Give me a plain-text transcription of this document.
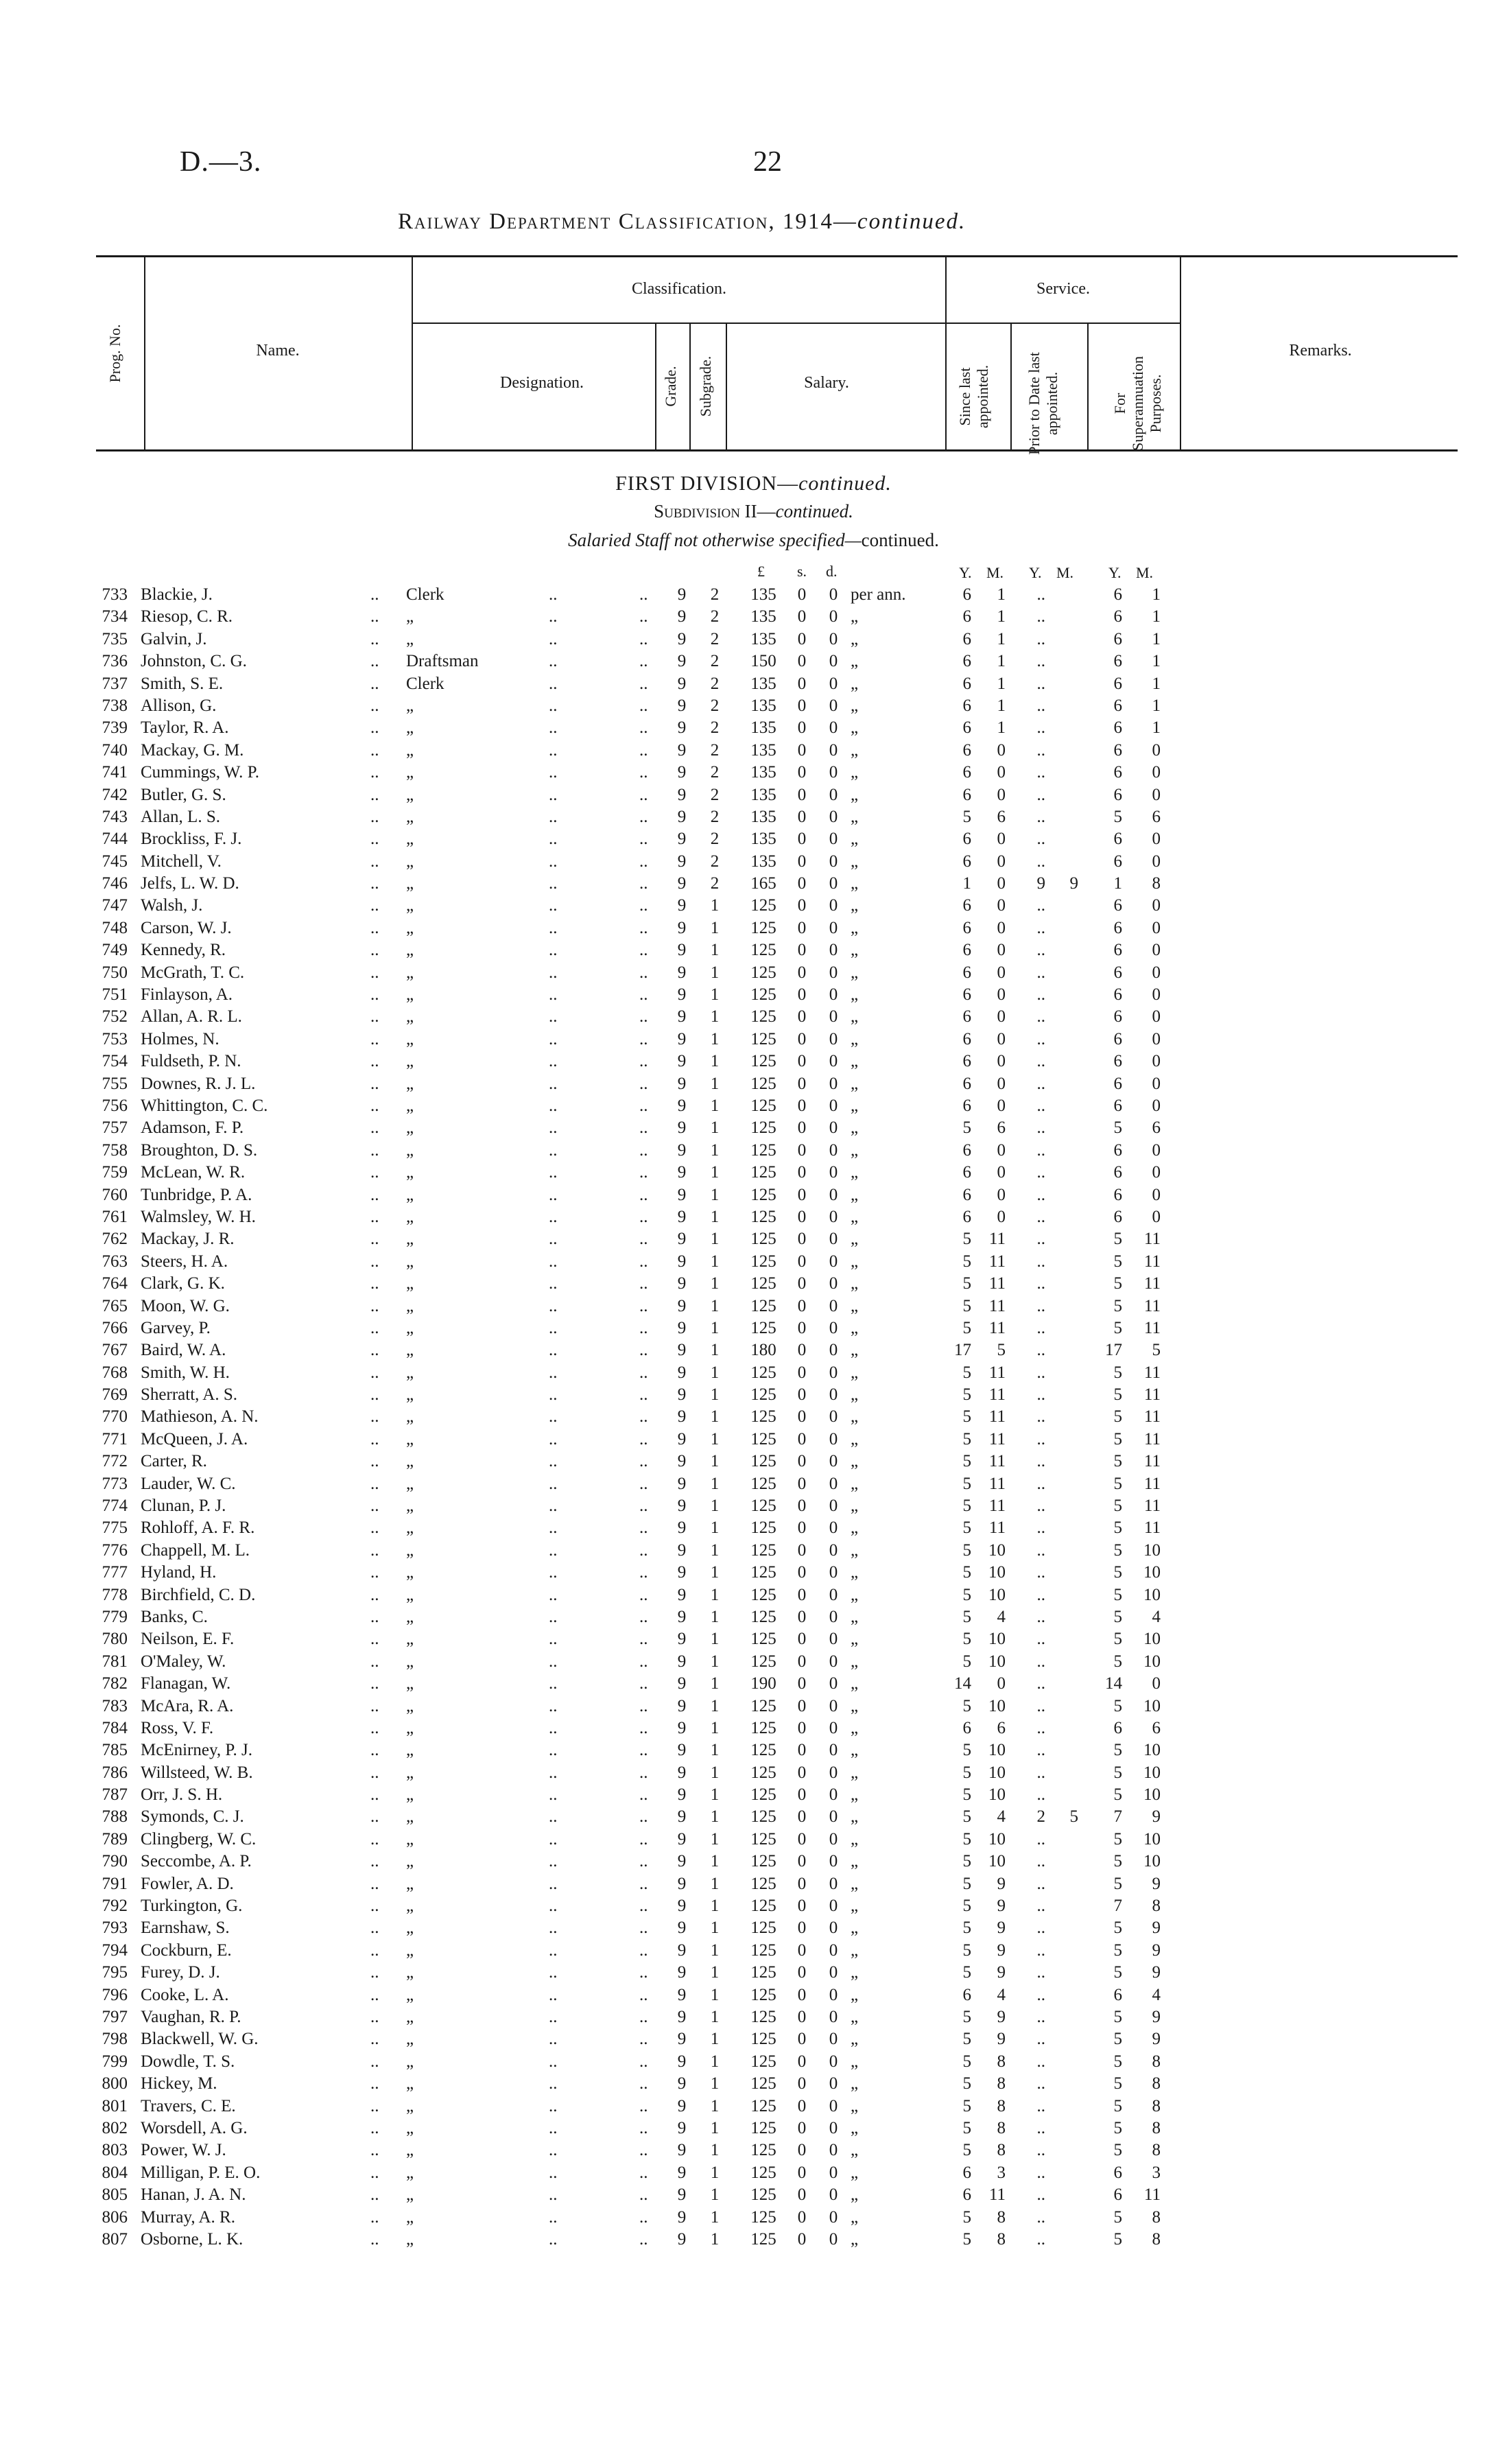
D.—3.	22
Railway Department Classification, 1914—continued.
Prog. No.	Name.
Classification.
Designation.	Grade. Subgrade.	Salary.
Service.
Since last appointed.	Prior to Date last appointed.	For Superannuation Purposes.
Remarks.
FIRST DIVISION—continued.
Subdivision II—continued.
Salaried Staff not otherwise specified—continued.
£ s. d.	Y. M. Y. M. Y. M.
733 Blackie, J.	.. Clerk	..	.. 9 2	135	0 0 per ann.	6	1	..	6	1
734 Riesop, C. R.	.. „	..	.. 9 2	135	0 0 „	6	1	..	6	1
735 Galvin, J.	.. „	..	.. 9 2	135	0 0 „	6	1	..	6	1
736 Johnston, C. G.	.. Draftsman	..	.. 9 2	150	0 0 „	6	1	..	6	1
737 Smith, S. E.	.. Clerk	..	.. 9 2	135	0 0 „	6	1	..	6	1
738 Allison, G.	.. „	..	.. 9 2	135	0 0 „	6	1	..	6	1
739 Taylor, R. A.	.. „	..	.. 9 2	135	0 0 „	6	1	..	6	1
740 Mackay, G. M.	.. „	..	.. 9 2	135	0 0 „	6	0	..	6	0
741 Cummings, W. P.	.. „	..	.. 9 2	135	0 0 „	6	0	..	6	0
742 Butler, G. S.	.. „	..	.. 9 2	135	0 0 „	6	0	..	6	0
743 Allan, L. S.	.. „	..	.. 9 2	135	0 0 „	5	6	..	5	6
744 Brockliss, F. J.	.. „	..	.. 9 2	135	0 0 „	6	0	..	6	0
745 Mitchell, V.	.. „	..	.. 9 2	135	0 0 „	6	0	..	6	0
746 Jelfs, L. W. D.	.. „	..	.. 9 2	165	0 0 „	1	0	9	9	1	8
747 Walsh, J.	.. „	..	.. 9 1	125	0 0 „	6	0	..	6	0
748 Carson, W. J.	.. „	..	.. 9 1	125	0 0 „	6	0	..	6	0
749 Kennedy, R.	.. „	..	.. 9 1	125	0 0 „	6	0	..	6	0
750 McGrath, T. C.	.. „	..	.. 9 1	125	0 0 „	6	0	..	6	0
751 Finlayson, A.	.. „	..	.. 9 1	125	0 0 „	6	0	..	6	0
752 Allan, A. R. L.	.. „	..	.. 9 1	125	0 0 „	6	0	..	6	0
753 Holmes, N.	.. „	..	.. 9 1	125	0 0 „	6	0	..	6	0
754 Fuldseth, P. N.	.. „	..	.. 9 1	125	0 0 „	6	0	..	6	0
755 Downes, R. J. L.	.. „	..	.. 9 1	125	0 0 „	6	0	..	6	0
756 Whittington, C. C.	.. „	..	.. 9 1	125	0 0 „	6	0	..	6	0
757 Adamson, F. P.	.. „	..	.. 9 1	125	0 0 „	5	6	..	5	6
758 Broughton, D. S.	.. „	..	.. 9 1	125	0 0 „	6	0	..	6	0
759 McLean, W. R.	.. „	..	.. 9 1	125	0 0 „	6	0	..	6	0
760 Tunbridge, P. A.	.. „	..	.. 9 1	125	0 0 „	6	0	..	6	0
761 Walmsley, W. H.	.. „	..	.. 9 1	125	0 0 „	6	0	..	6	0
762 Mackay, J. R.	.. „	..	.. 9 1	125	0 0 „	5	11	..	5	11
763 Steers, H. A.	.. „	..	.. 9 1	125	0 0 „	5	11	..	5	11
764 Clark, G. K.	.. „	..	.. 9 1	125	0 0 „	5	11	..	5	11
765 Moon, W. G.	.. „	..	.. 9 1	125	0 0 „	5	11	..	5	11
766 Garvey, P.	.. „	..	.. 9 1	125	0 0 „	5	11	..	5	11
767 Baird, W. A.	.. „	..	.. 9 1	180	0 0 „	17	5	..	17	5
768 Smith, W. H.	.. „	..	.. 9 1	125	0 0 „	5	11	..	5	11
769 Sherratt, A. S.	.. „	..	.. 9 1	125	0 0 „	5	11	..	5	11
770 Mathieson, A. N.	.. „	..	.. 9 1	125	0 0 „	5	11	..	5	11
771 McQueen, J. A.	.. „	..	.. 9 1	125	0 0 „	5	11	..	5	11
772 Carter, R.	.. „	..	.. 9 1	125	0 0 „	5	11	..	5	11
773 Lauder, W. C.	.. „	..	.. 9 1	125	0 0 „	5	11	..	5	11
774 Clunan, P. J.	.. „	..	.. 9 1	125	0 0 „	5	11	..	5	11
775 Rohloff, A. F. R.	.. „	..	.. 9 1	125	0 0 „	5	11	..	5	11
776 Chappell, M. L.	.. „	..	.. 9 1	125	0 0 „	5	10	..	5	10
777 Hyland, H.	.. „	..	.. 9 1	125	0 0 „	5	10	..	5	10
778 Birchfield, C. D.	.. „	..	.. 9 1	125	0 0 „	5	10	..	5	10
779 Banks, C.	.. „	..	.. 9 1	125	0 0 „	5	4	..	5	4
780 Neilson, E. F.	.. „	..	.. 9 1	125	0 0 „	5	10	..	5	10
781 O'Maley, W.	.. „	..	.. 9 1	125	0 0 „	5	10	..	5	10
782 Flanagan, W.	.. „	..	.. 9 1	190	0 0 „	14	0	..	14	0
783 McAra, R. A.	.. „	..	.. 9 1	125	0 0 „	5	10	..	5	10
784 Ross, V. F.	.. „	..	.. 9 1	125	0 0 „	6	6	..	6	6
785 McEnirney, P. J.	.. „	..	.. 9 1	125	0 0 „	5	10	..	5	10
786 Willsteed, W. B.	.. „	..	.. 9 1	125	0 0 „	5	10	..	5	10
787 Orr, J. S. H.	.. „	..	.. 9 1	125	0 0 „	5	10	..	5	10
788 Symonds, C. J.	.. „	..	.. 9 1	125	0 0 „	5	4	2	5	7	9
789 Clingberg, W. C.	.. „	..	.. 9 1	125	0 0 „	5	10	..	5	10
790 Seccombe, A. P.	.. „	..	.. 9 1	125	0 0 „	5	10	..	5	10
791 Fowler, A. D.	.. „	..	.. 9 1	125	0 0 „	5	9	..	5	9
792 Turkington, G.	.. „	..	.. 9 1	125	0 0 „	5	9	..	7	8
793 Earnshaw, S.	.. „	..	.. 9 1	125	0 0 „	5	9	..	5	9
794 Cockburn, E.	.. „	..	.. 9 1	125	0 0 „	5	9	..	5	9
795 Furey, D. J.	.. „	..	.. 9 1	125	0 0 „	5	9	..	5	9
796 Cooke, L. A.	.. „	..	.. 9 1	125	0 0 „	6	4	..	6	4
797 Vaughan, R. P.	.. „	..	.. 9 1	125	0 0 „	5	9	..	5	9
798 Blackwell, W. G.	.. „	..	.. 9 1	125	0 0 „	5	9	..	5	9
799 Dowdle, T. S.	.. „	..	.. 9 1	125	0 0 „	5	8	..	5	8
800 Hickey, M.	.. „	..	.. 9 1	125	0 0 „	5	8	..	5	8
801 Travers, C. E.	.. „	..	.. 9 1	125	0 0 „	5	8	..	5	8
802 Worsdell, A. G.	.. „	..	.. 9 1	125	0 0 „	5	8	..	5	8
803 Power, W. J.	.. „	..	.. 9 1	125	0 0 „	5	8	..	5	8
804 Milligan, P. E. O.	.. „	..	.. 9 1	125	0 0 „	6	3	..	6	3
805 Hanan, J. A. N.	.. „	..	.. 9 1	125	0 0 „	6	11	..	6	11
806 Murray, A. R.	.. „	..	.. 9 1	125	0 0 „	5	8	..	5	8
807 Osborne, L. K.	.. „	..	.. 9 1	125	0 0 „	5	8	..	5	8
